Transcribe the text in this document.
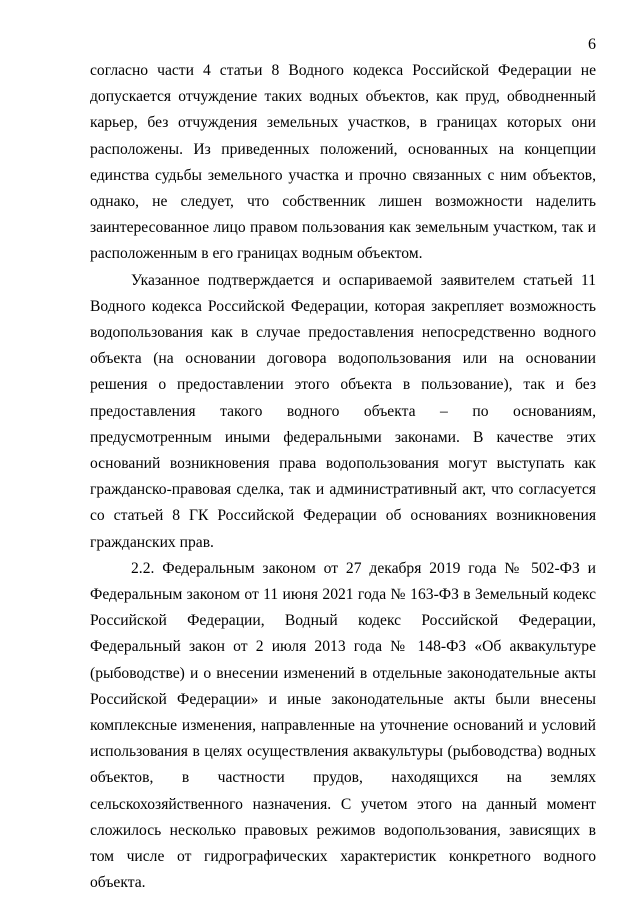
6

согласно части 4 статьи 8 Водного кодекса Российской Федерации не допускается отчуждение таких водных объектов, как пруд, обводненный карьер, без отчуждения земельных участков, в границах которых они расположены. Из приведенных положений, основанных на концепции единства судьбы земельного участка и прочно связанных с ним объектов, однако, не следует, что собственник лишен возможности наделить заинтересованное лицо правом пользования как земельным участком, так и расположенным в его границах водным объектом.

Указанное подтверждается и оспариваемой заявителем статьей 11 Водного кодекса Российской Федерации, которая закрепляет возможность водопользования как в случае предоставления непосредственно водного объекта (на основании договора водопользования или на основании решения о предоставлении этого объекта в пользование), так и без предоставления такого водного объекта – по основаниям, предусмотренным иными федеральными законами. В качестве этих оснований возникновения права водопользования могут выступать как гражданско-правовая сделка, так и административный акт, что согласуется со статьей 8 ГК Российской Федерации об основаниях возникновения гражданских прав.

2.2. Федеральным законом от 27 декабря 2019 года № 502-ФЗ и Федеральным законом от 11 июня 2021 года № 163-ФЗ в Земельный кодекс Российской Федерации, Водный кодекс Российской Федерации, Федеральный закон от 2 июля 2013 года № 148-ФЗ «Об аквакультуре (рыбоводстве) и о внесении изменений в отдельные законодательные акты Российской Федерации» и иные законодательные акты были внесены комплексные изменения, направленные на уточнение оснований и условий использования в целях осуществления аквакультуры (рыбоводства) водных объектов, в частности прудов, находящихся на землях сельскохозяйственного назначения. С учетом этого на данный момент сложилось несколько правовых режимов водопользования, зависящих в том числе от гидрографических характеристик конкретного водного объекта.
